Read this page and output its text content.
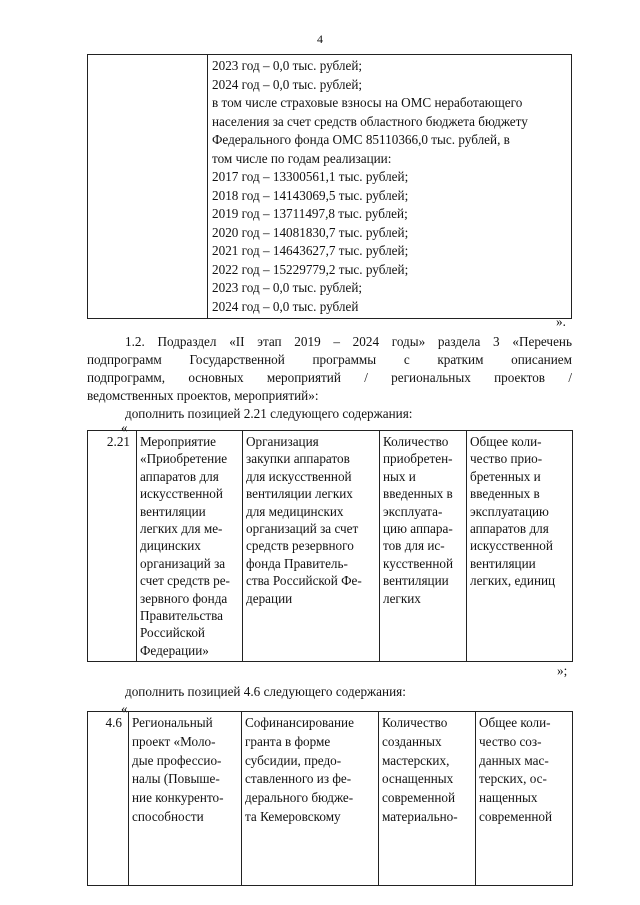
4

2023 год – 0,0 тыс. рублей;
2024 год – 0,0 тыс. рублей;
в том числе страховые взносы на ОМС неработающего
населения за счет средств областного бюджета бюджету
Федерального фонда ОМС 85110366,0 тыс. рублей, в
том числе по годам реализации:
2017 год – 13300561,1 тыс. рублей;
2018 год – 14143069,5 тыс. рублей;
2019 год – 13711497,8 тыс. рублей;
2020 год – 14081830,7 тыс. рублей;
2021 год – 14643627,7 тыс. рублей;
2022 год – 15229779,2 тыс. рублей;
2023 год – 0,0 тыс. рублей;
2024 год – 0,0 тыс. рублей
».
1.2. Подраздел «II этап 2019 – 2024 годы» раздела 3 «Перечень
подпрограмм Государственной программы с кратким описанием
подпрограмм, основных мероприятий / региональных проектов /
ведомственных проектов, мероприятий»:
дополнить позицией 2.21 следующего содержания:
«
2.21	Мероприятие
«Приобретение
аппаратов для
искусственной
вентиляции
легких для ме-
дицинских
организаций за
счет средств ре-
зервного фонда
Правительства
Российской
Федерации»

Организация
закупки аппаратов
для искусственной
вентиляции легких
для медицинских
организаций за счет
средств резервного
фонда Правитель-
ства Российской Фе-
дерации

Количество
приобретен-
ных и
введенных в
эксплуата-
цию аппара-
тов для ис-
кусственной
вентиляции
легких

Общее коли-
чество прио-
бретенных и
введенных в
эксплуатацию
аппаратов для
искусственной
вентиляции
легких, единиц
»;
дополнить позицией 4.6 следующего содержания:
«
4.6	Региональный
проект «Моло-
дые профессио-
налы (Повыше-
ние конкуренто-
способности

Софинансирование
гранта в форме
субсидии, предо-
ставленного из фе-
дерального бюдже-
та Кемеровскому

Количество
созданных
мастерских,
оснащенных
современной
материально-

Общее коли-
чество соз-
данных мас-
терских, ос-
нащенных
современной
